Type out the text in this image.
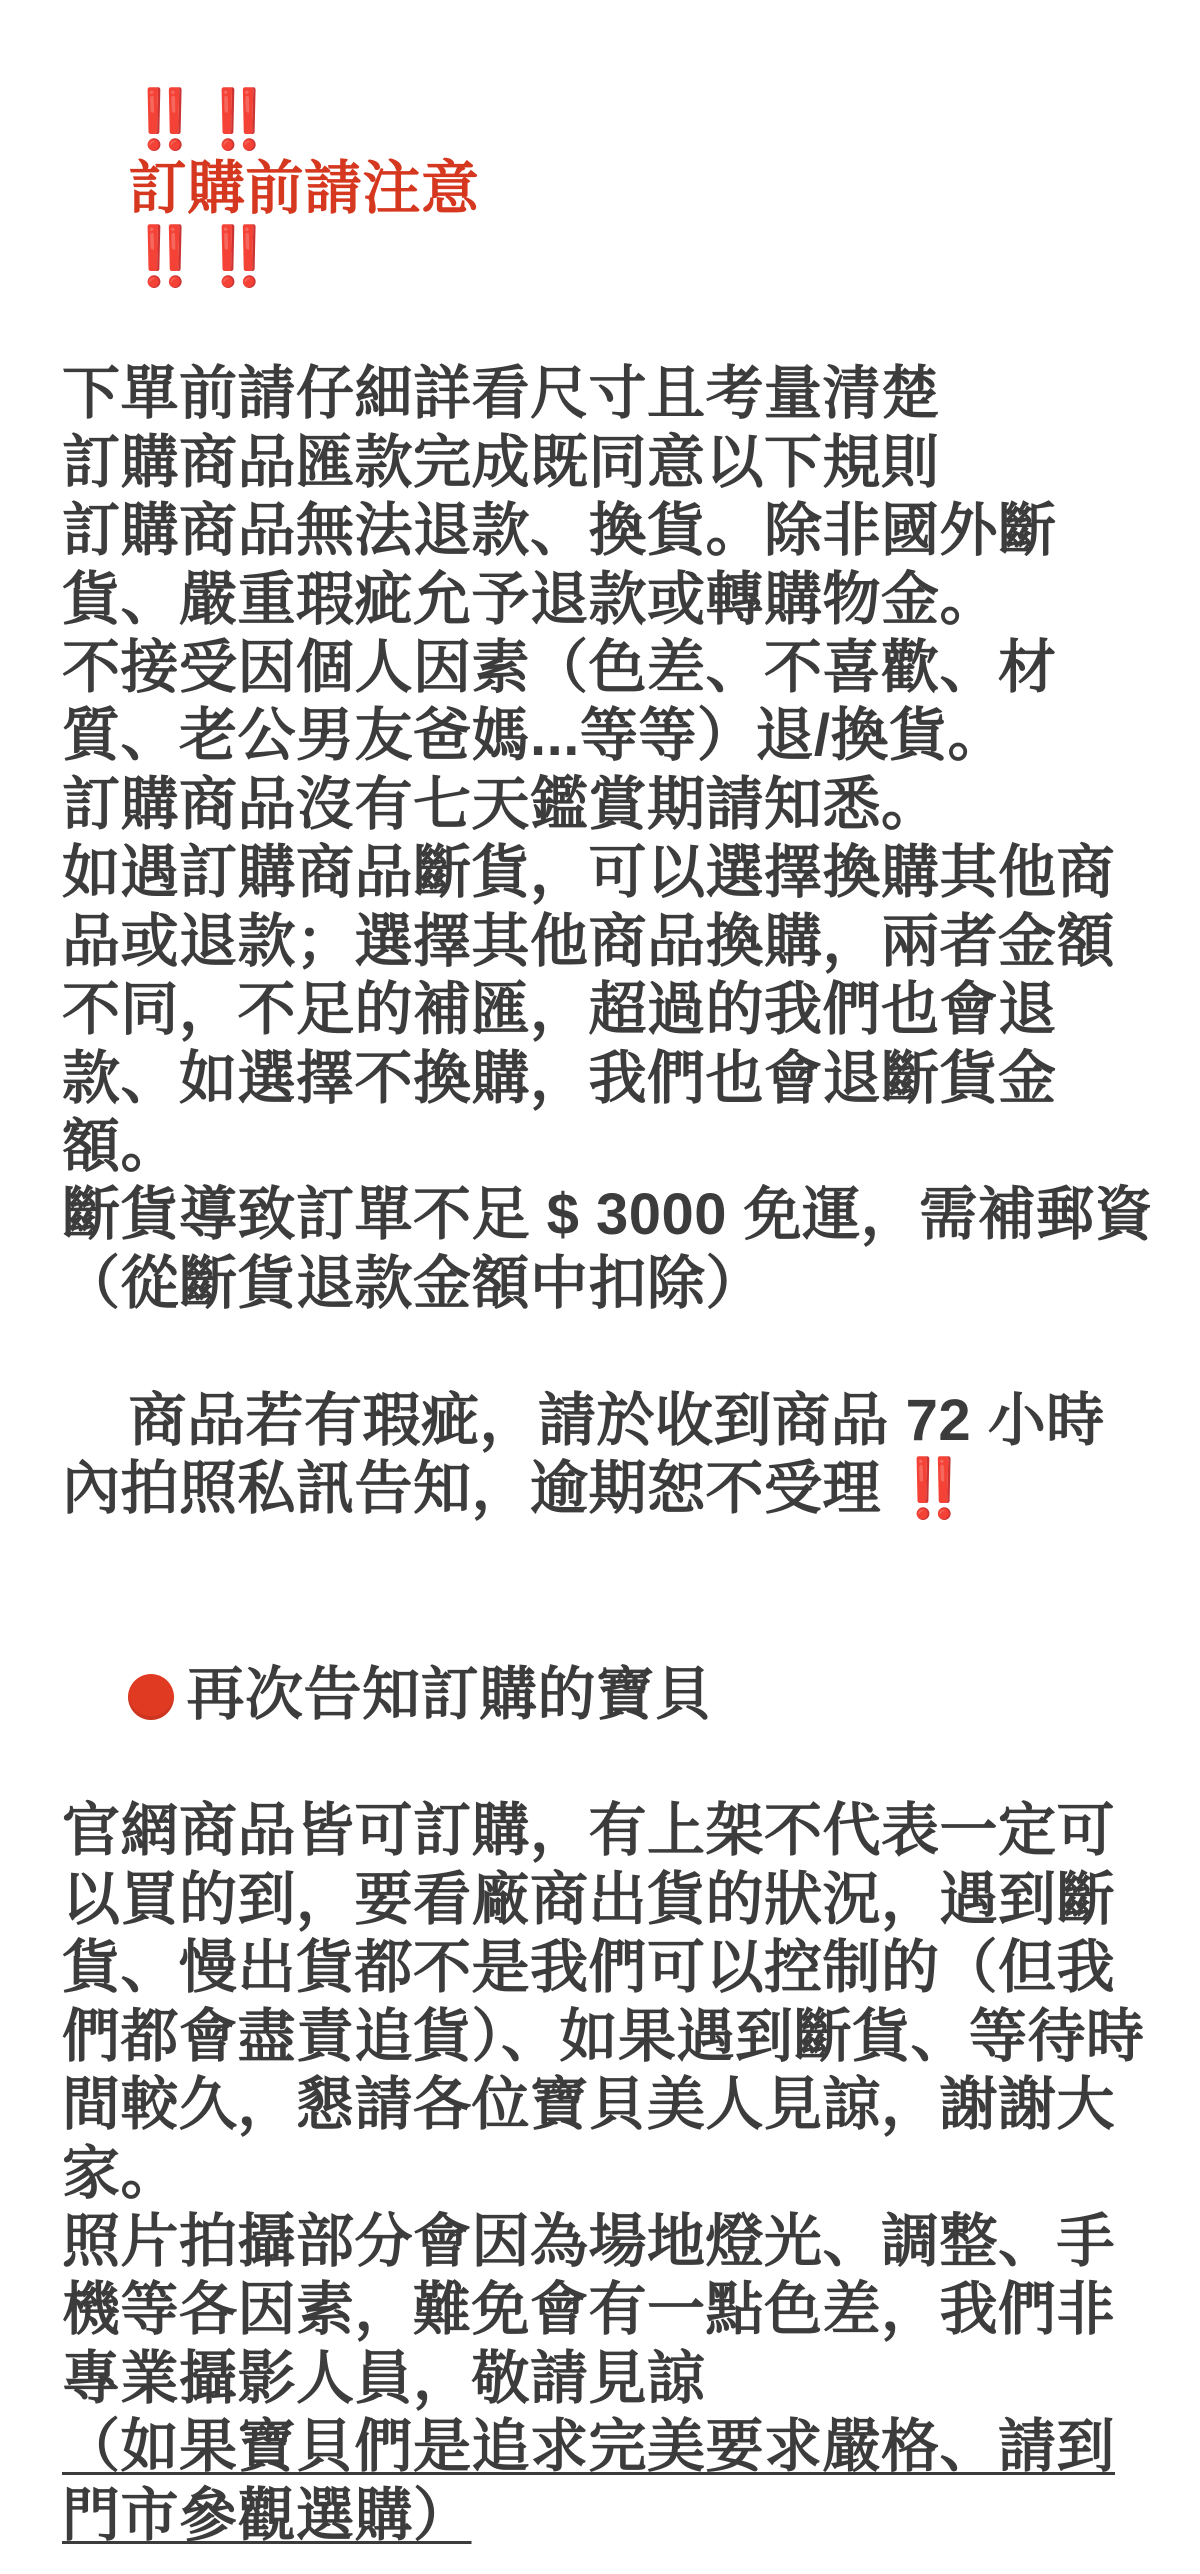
‼️‼️
訂購前請注意
‼️‼️

下單前請仔細詳看尺寸且考量清楚

訂購商品匯款完成既同意以下規則

訂購商品無法退款、換貨。除非國外斷貨、嚴重瑕疵允予退款或轉購物金。

不接受因個人因素（色差、不喜歡、材質、老公男友爸媽...等等）退/換貨。

訂購商品沒有七天鑑賞期請知悉。

如遇訂購商品斷貨，可以選擇換購其他商品或退款；選擇其他商品換購，兩者金額不同，不足的補匯，超過的我們也會退款、如選擇不換購，我們也會退斷貨金額。

斷貨導致訂單不足 $ 3000 免運，需補郵資（從斷貨退款金額中扣除）

商品若有瑕疵，請於收到商品 72 小時內拍照私訊告知，逾期恕不受理 ‼️

再次告知訂購的寶貝

官網商品皆可訂購，有上架不代表一定可以買的到，要看廠商出貨的狀況，遇到斷貨、慢出貨都不是我們可以控制的（但我們都會盡責追貨）、如果遇到斷貨、等待時間較久，懇請各位寶貝美人見諒，謝謝大家。

照片拍攝部分會因為場地燈光、調整、手機等各因素，難免會有一點色差，我們非專業攝影人員，敬請見諒

（如果寶貝們是追求完美要求嚴格、請到門市參觀選購）
